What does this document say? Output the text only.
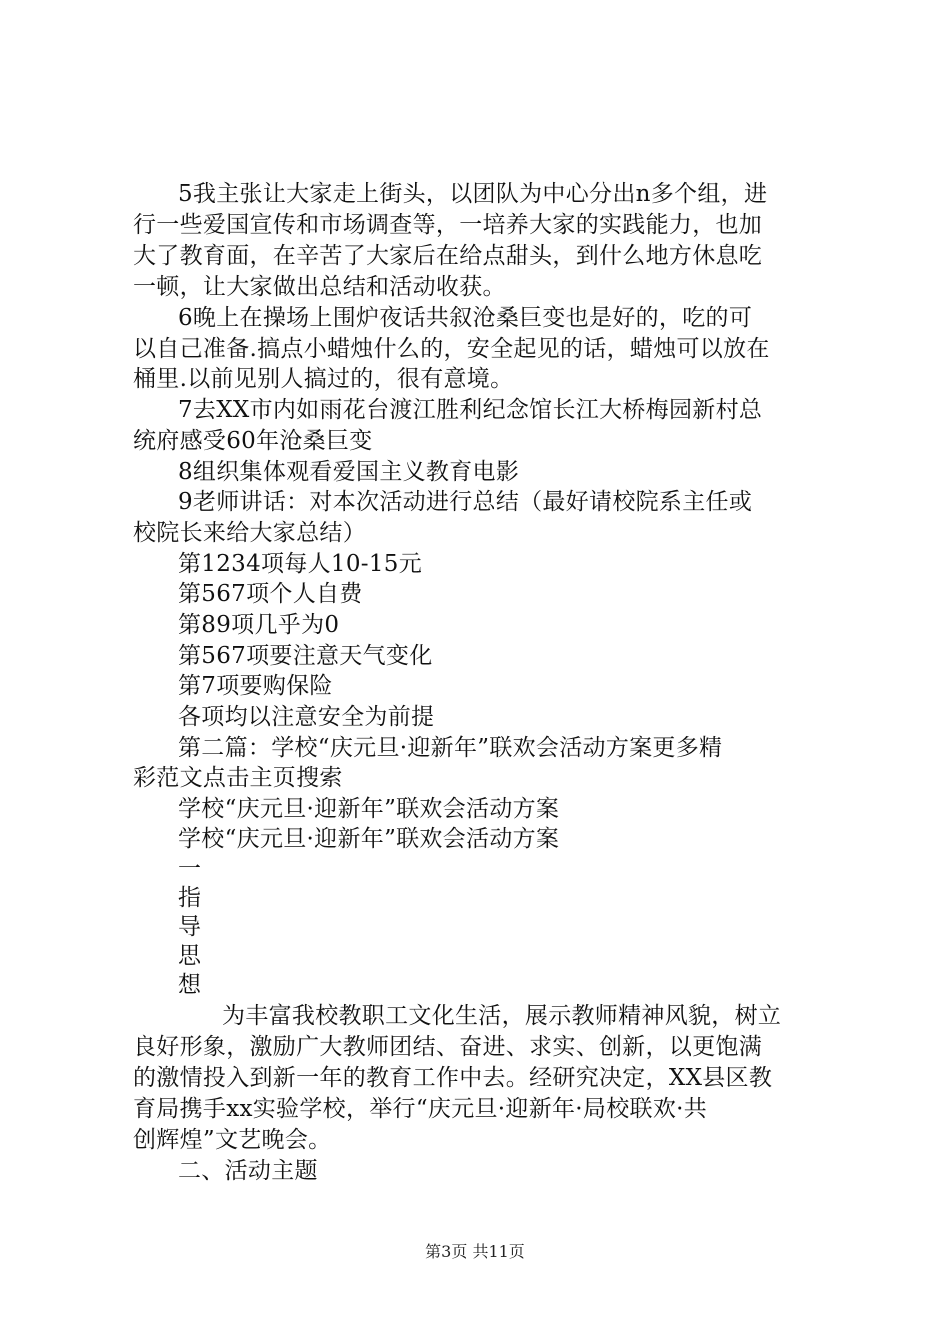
5我主张让大家走上街头，以团队为中心分出n多个组，进
行一些爱国宣传和市场调查等，一培养大家的实践能力，也加
大了教育面，在辛苦了大家后在给点甜头，到什么地方休息吃
一顿，让大家做出总结和活动收获。
6晚上在操场上围炉夜话共叙沧桑巨变也是好的，吃的可
以自己准备.搞点小蜡烛什么的，安全起见的话，蜡烛可以放在
桶里.以前见别人搞过的，很有意境。
7去XX市内如雨花台渡江胜利纪念馆长江大桥梅园新村总
统府感受60年沧桑巨变
8组织集体观看爱国主义教育电影
9老师讲话：对本次活动进行总结（最好请校院系主任或
校院长来给大家总结）
第1234项每人10-15元
第567项个人自费
第89项几乎为0
第567项要注意天气变化
第7项要购保险
各项均以注意安全为前提
第二篇：学校“庆元旦·迎新年”联欢会活动方案更多精
彩范文点击主页搜索
学校“庆元旦·迎新年”联欢会活动方案
学校“庆元旦·迎新年”联欢会活动方案
一
指
导
思
想
为丰富我校教职工文化生活，展示教师精神风貌，树立
良好形象，激励广大教师团结、奋进、求实、创新，以更饱满
的激情投入到新一年的教育工作中去。经研究决定，XX县区教
育局携手xx实验学校，举行“庆元旦·迎新年·局校联欢·共
创辉煌”文艺晚会。
二、活动主题
第3页 共11页
